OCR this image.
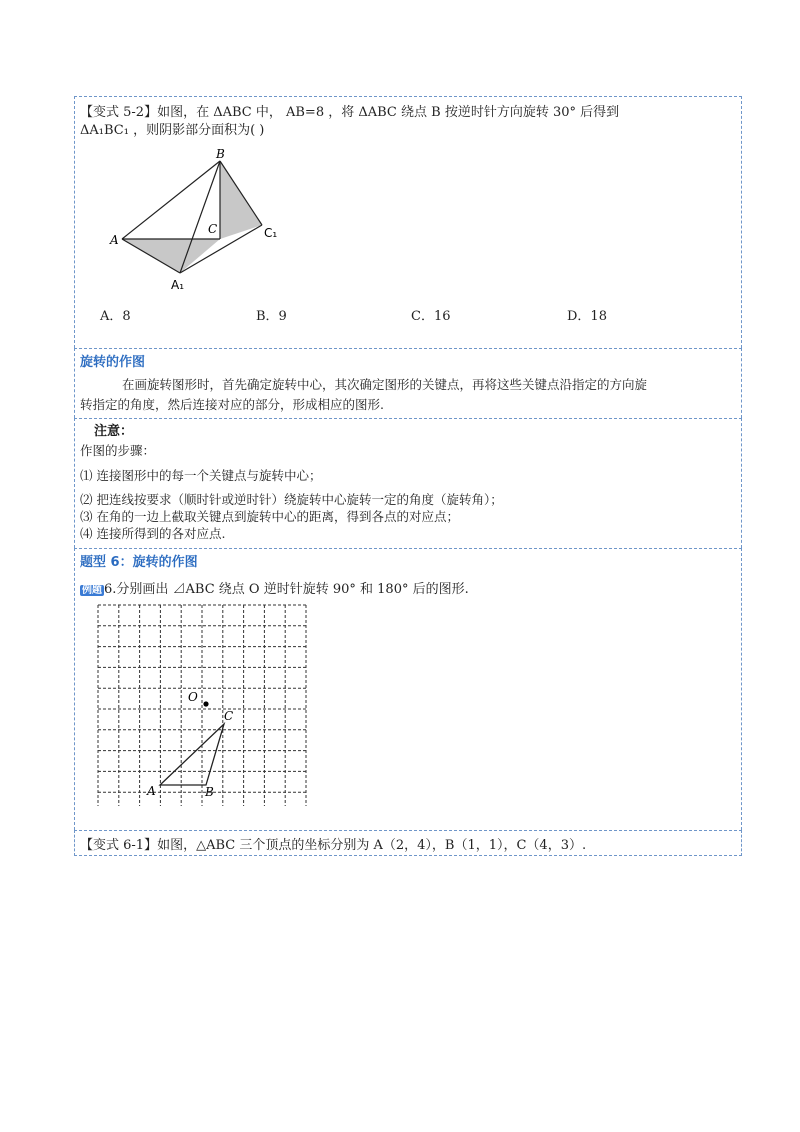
【变式 5-2】如图，在 ΔABC 中， AB=8 ，将 ΔABC 绕点 B 按逆时针方向旋转 30° 后得到
ΔA₁BC₁ ，则阴影部分面积为( )
B
A
C	C₁
A₁
A．8	B．9	C．16	D．18
旋转的作图
在画旋转图形时，首先确定旋转中心，其次确定图形的关键点，再将这些关键点沿指定的方向旋
转指定的角度，然后连接对应的部分，形成相应的图形.
注意：
作图的步骤：
⑴ 连接图形中的每一个关键点与旋转中心；
⑵ 把连线按要求（顺时针或逆时针）绕旋转中心旋转一定的角度（旋转角）；
⑶ 在角的一边上截取关键点到旋转中心的距离，得到各点的对应点；
⑷ 连接所得到的各对应点.
题型 6：旋转的作图
例题 6.分别画出 ⊿ABC 绕点 O 逆时针旋转 90° 和 180° 后的图形.
O
A	B
C
【变式 6-1】如图，△ABC 三个顶点的坐标分别为 A（2，4），B（1，1），C（4，3）.
